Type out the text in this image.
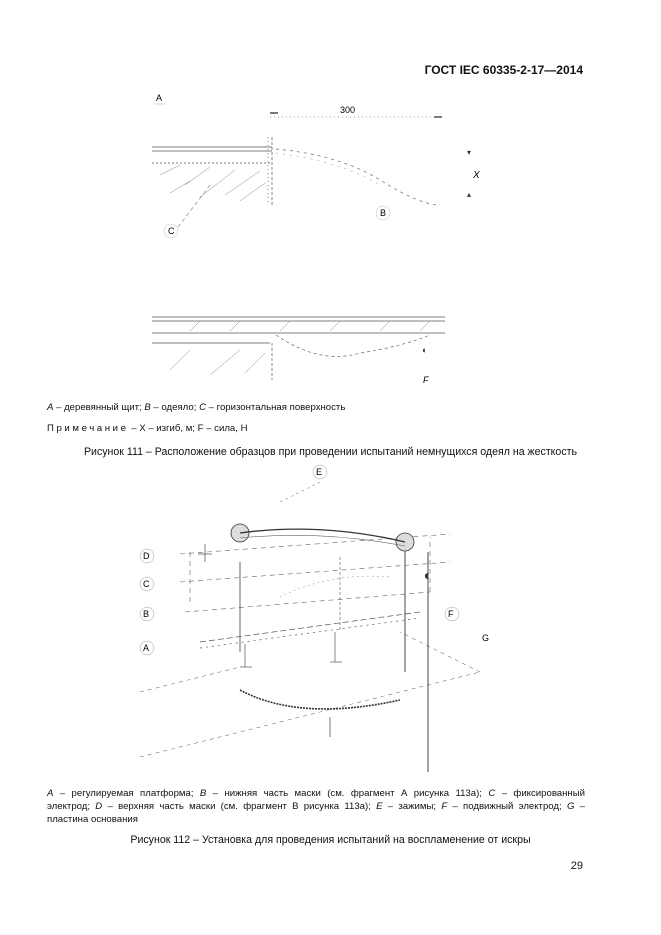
ГОСТ IEC 60335-2-17—2014
300
▾
▴
X
A
B
C
◖
F
A – деревянный щит; B – одеяло; C – горизонтальная поверхность
Примечание – X – изгиб, м; F – сила, Н
Рисунок 111 – Расположение образцов при проведении испытаний немнущихся одеял на жесткость
◖
E
D
C
B
A
F
G
A – регулируемая платформа; B – нижняя часть маски (см. фрагмент А рисунка 113а); C – фиксированный
электрод; D – верхняя часть маски (см. фрагмент В рисунка 113а); E – зажимы; F – подвижный электрод; G –
пластина основания
Рисунок 112 – Установка для проведения испытаний на воспламенение от искры
29
